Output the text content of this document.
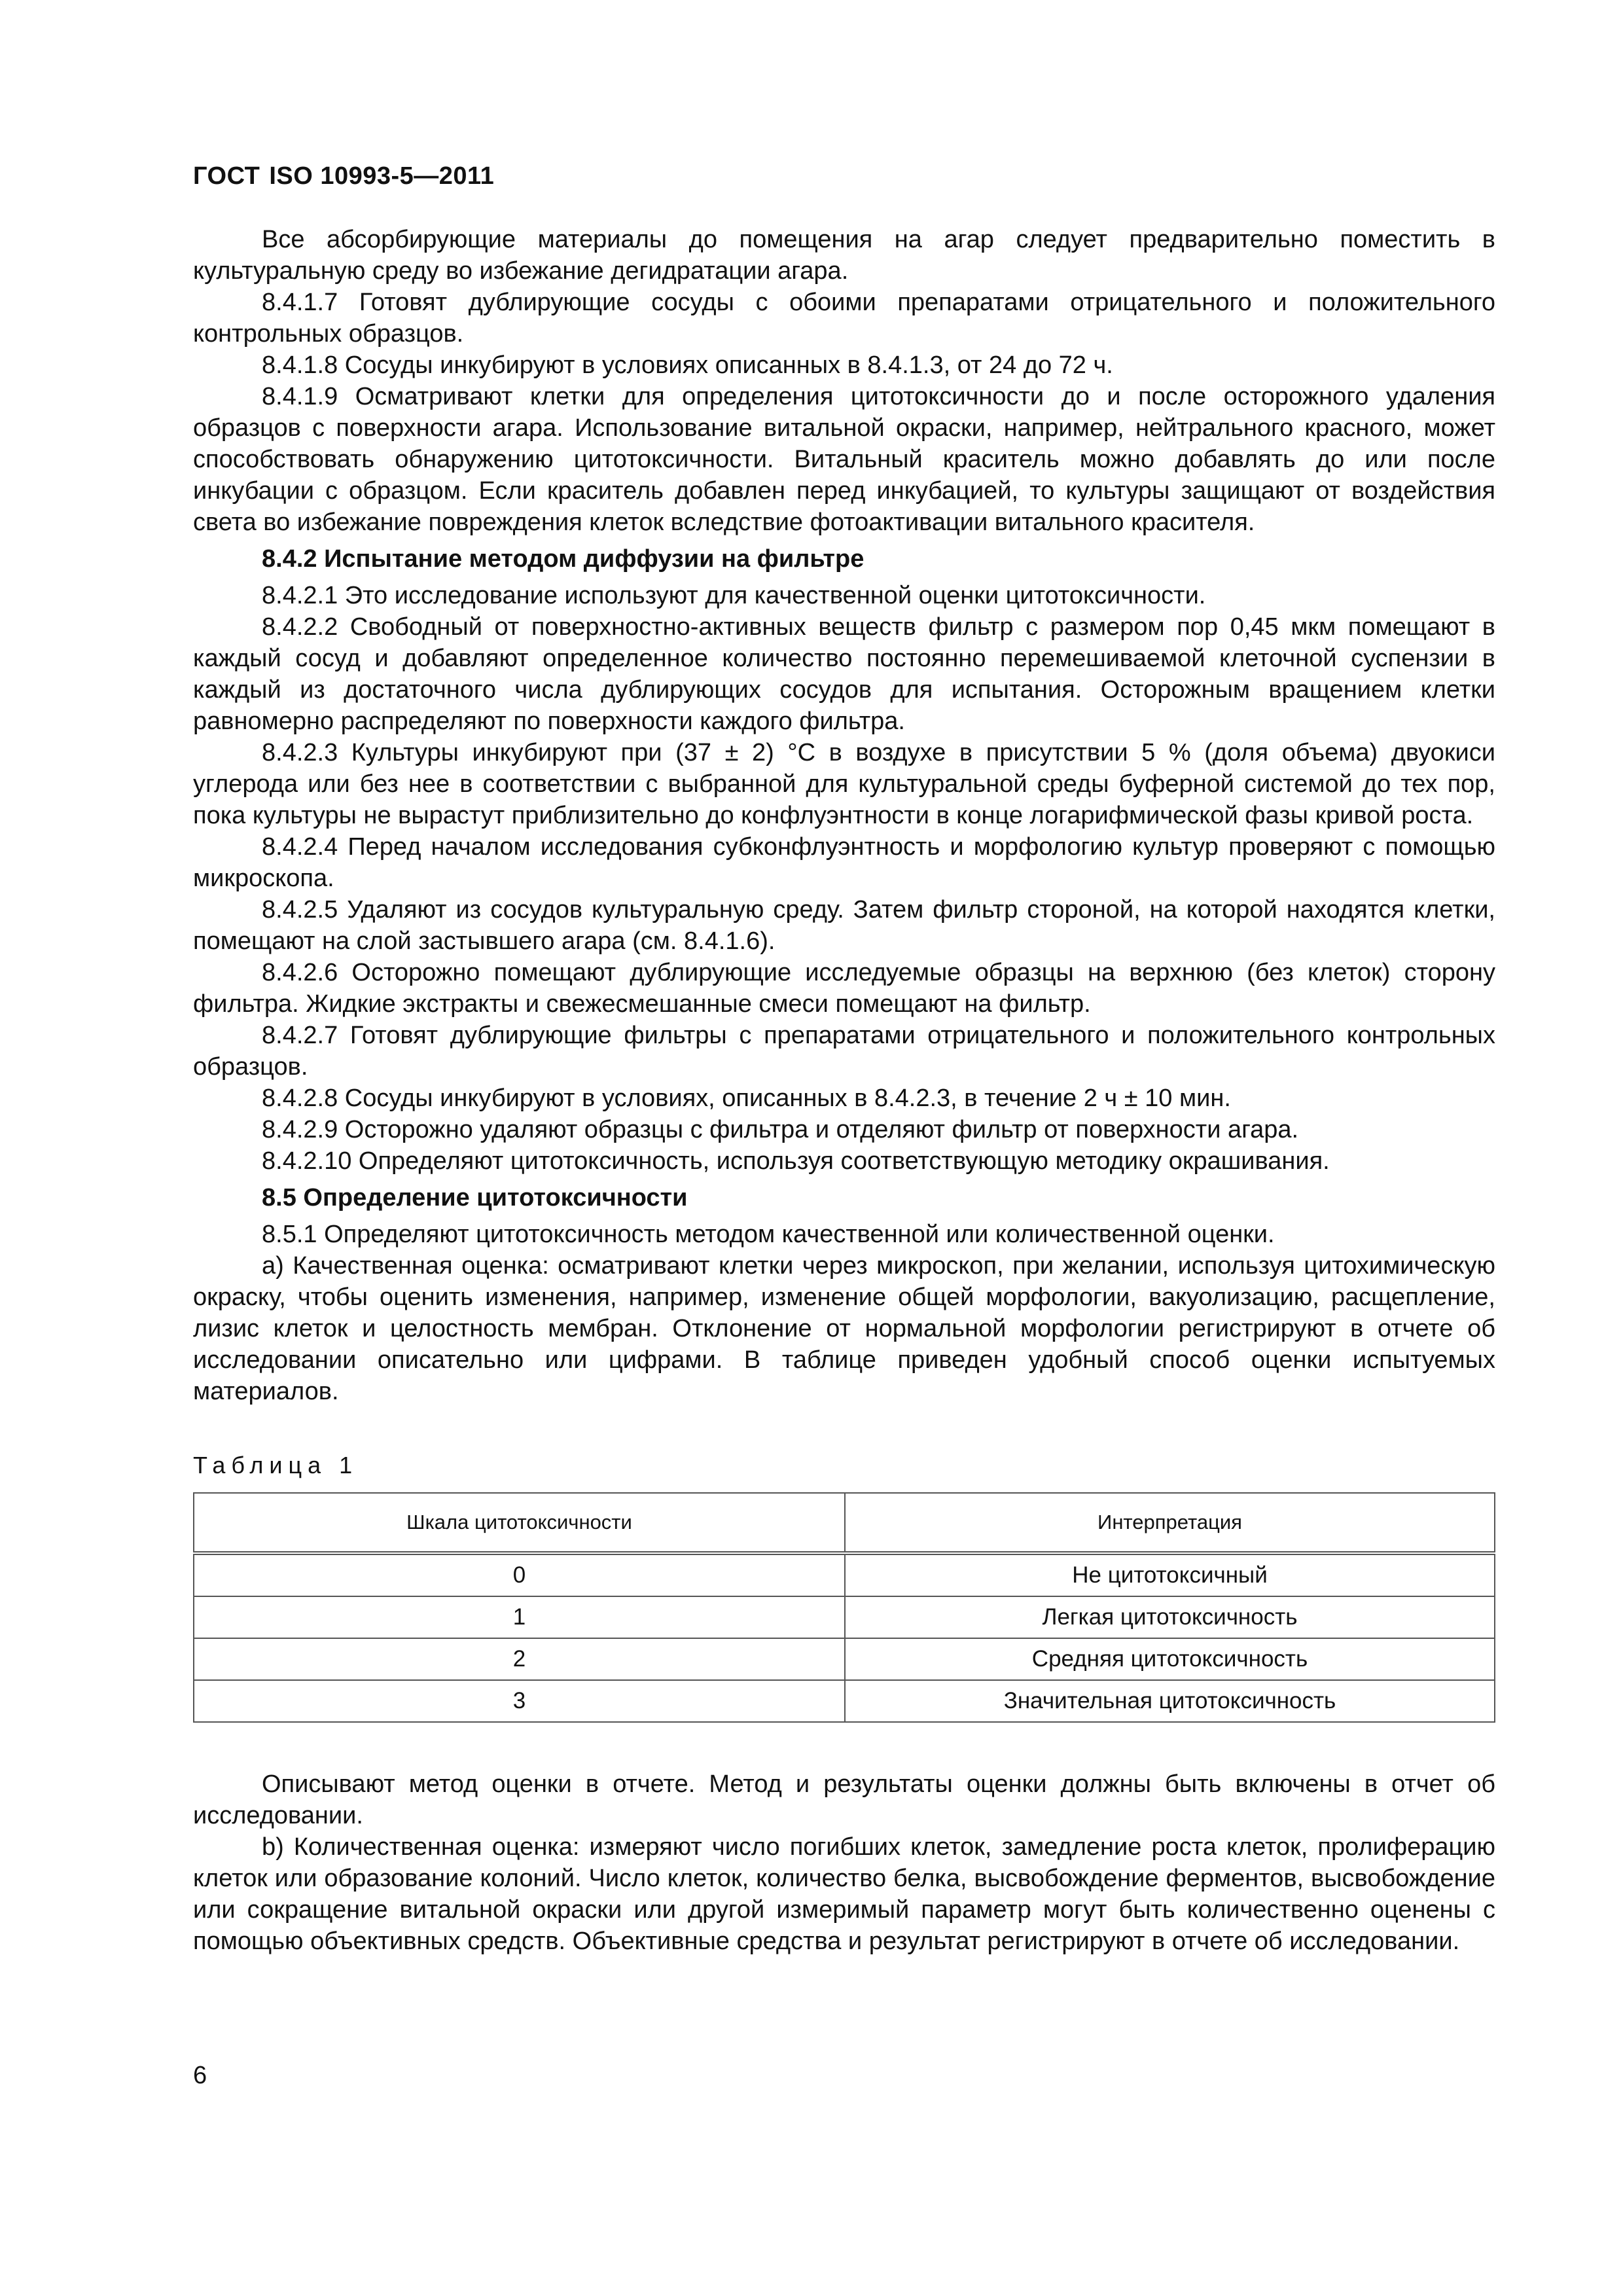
ГОСТ ISO 10993-5—2011

Все абсорбирующие материалы до помещения на агар следует предварительно поместить в культуральную среду во избежание дегидратации агара.

8.4.1.7 Готовят дублирующие сосуды с обоими препаратами отрицательного и положительного контрольных образцов.

8.4.1.8 Сосуды инкубируют в условиях описанных в 8.4.1.3, от 24 до 72 ч.

8.4.1.9 Осматривают клетки для определения цитотоксичности до и после осторожного удаления образцов с поверхности агара. Использование витальной окраски, например, нейтрального красного, может способствовать обнаружению цитотоксичности. Витальный краситель можно добавлять до или после инкубации с образцом. Если краситель добавлен перед инкубацией, то культуры защищают от воздействия света во избежание повреждения клеток вследствие фотоактивации витального красителя.

8.4.2 Испытание методом диффузии на фильтре

8.4.2.1 Это исследование используют для качественной оценки цитотоксичности.

8.4.2.2 Свободный от поверхностно-активных веществ фильтр с размером пор 0,45 мкм помещают в каждый сосуд и добавляют определенное количество постоянно перемешиваемой клеточной суспензии в каждый из достаточного числа дублирующих сосудов для испытания. Осторожным вращением клетки равномерно распределяют по поверхности каждого фильтра.

8.4.2.3 Культуры инкубируют при (37 ± 2) °С в воздухе в присутствии 5 % (доля объема) двуокиси углерода или без нее в соответствии с выбранной для культуральной среды буферной системой до тех пор, пока культуры не вырастут приблизительно до конфлуэнтности в конце логарифмической фазы кривой роста.

8.4.2.4 Перед началом исследования субконфлуэнтность и морфологию культур проверяют с помощью микроскопа.

8.4.2.5 Удаляют из сосудов культуральную среду. Затем фильтр стороной, на которой находятся клетки, помещают на слой застывшего агара (см. 8.4.1.6).

8.4.2.6 Осторожно помещают дублирующие исследуемые образцы на верхнюю (без клеток) сторону фильтра. Жидкие экстракты и свежесмешанные смеси помещают на фильтр.

8.4.2.7 Готовят дублирующие фильтры с препаратами отрицательного и положительного контрольных образцов.

8.4.2.8 Сосуды инкубируют в условиях, описанных в 8.4.2.3, в течение 2 ч ± 10 мин.

8.4.2.9 Осторожно удаляют образцы с фильтра и отделяют фильтр от поверхности агара.

8.4.2.10 Определяют цитотоксичность, используя соответствующую методику окрашивания.

8.5 Определение цитотоксичности

8.5.1 Определяют цитотоксичность методом качественной или количественной оценки.

a) Качественная оценка: осматривают клетки через микроскоп, при желании, используя цитохимическую окраску, чтобы оценить изменения, например, изменение общей морфологии, вакуолизацию, расщепление, лизис клеток и целостность мембран. Отклонение от нормальной морфологии регистрируют в отчете об исследовании описательно или цифрами. В таблице приведен удобный способ оценки испытуемых материалов.

Таблица 1
Шкала цитотоксичности	Интерпретация
0	Не цитотоксичный
1	Легкая цитотоксичность
2	Средняя цитотоксичность
3	Значительная цитотоксичность

Описывают метод оценки в отчете. Метод и результаты оценки должны быть включены в отчет об исследовании.

b) Количественная оценка: измеряют число погибших клеток, замедление роста клеток, пролиферацию клеток или образование колоний. Число клеток, количество белка, высвобождение ферментов, высвобождение или сокращение витальной окраски или другой измеримый параметр могут быть количественно оценены с помощью объективных средств. Объективные средства и результат регистрируют в отчете об исследовании.

6
